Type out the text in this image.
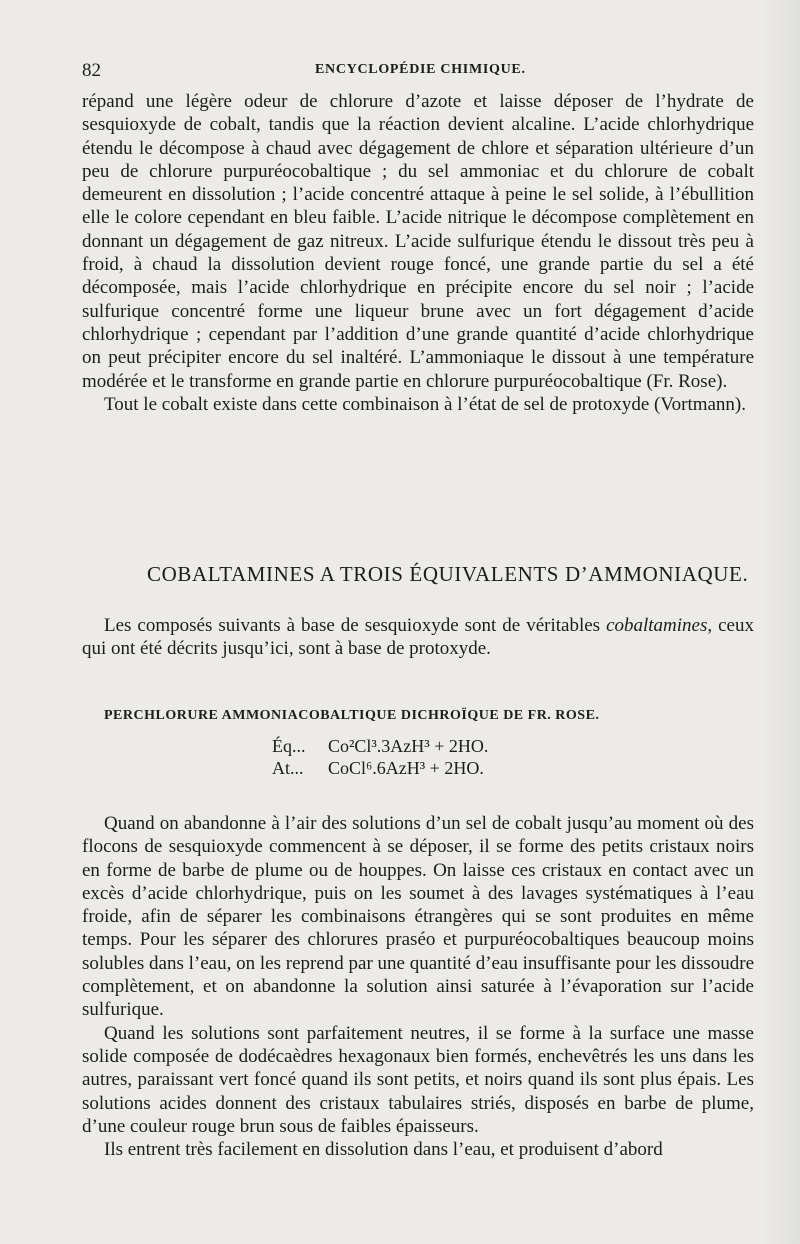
82	ENCYCLOPÉDIE CHIMIQUE.

répand une légère odeur de chlorure d’azote et laisse déposer de l’hydrate de sesquioxyde de cobalt, tandis que la réaction devient alcaline. L’acide chlorhydrique étendu le décompose à chaud avec dégagement de chlore et séparation ultérieure d’un peu de chlorure purpuréocobaltique ; du sel ammoniac et du chlorure de cobalt demeurent en dissolution ; l’acide concentré attaque à peine le sel solide, à l’ébullition elle le colore cependant en bleu faible. L’acide nitrique le décompose complètement en donnant un dégagement de gaz nitreux. L’acide sulfurique étendu le dissout très peu à froid, à chaud la dissolution devient rouge foncé, une grande partie du sel a été décomposée, mais l’acide chlorhydrique en précipite encore du sel noir ; l’acide sulfurique concentré forme une liqueur brune avec un fort dégagement d’acide chlorhydrique ; cependant par l’addition d’une grande quantité d’acide chlorhydrique on peut précipiter encore du sel inaltéré. L’ammoniaque le dissout à une température modérée et le transforme en grande partie en chlorure purpuréocobaltique (Fr. Rose).

Tout le cobalt existe dans cette combinaison à l’état de sel de protoxyde (Vortmann).

COBALTAMINES A TROIS ÉQUIVALENTS D’AMMONIAQUE.

Les composés suivants à base de sesquioxyde sont de véritables cobaltamines, ceux qui ont été décrits jusqu’ici, sont à base de protoxyde.

PERCHLORURE AMMONIACOBALTIQUE DICHROÏQUE DE FR. ROSE.
Éq... Co²Cl³.3AzH³ + 2HO.
At... CoCl⁶.6AzH³ + 2HO.

Quand on abandonne à l’air des solutions d’un sel de cobalt jusqu’au moment où des flocons de sesquioxyde commencent à se déposer, il se forme des petits cristaux noirs en forme de barbe de plume ou de houppes. On laisse ces cristaux en contact avec un excès d’acide chlorhydrique, puis on les soumet à des lavages systématiques à l’eau froide, afin de séparer les combinaisons étrangères qui se sont produites en même temps. Pour les séparer des chlorures praséo et purpuréocobaltiques beaucoup moins solubles dans l’eau, on les reprend par une quantité d’eau insuffisante pour les dissoudre complètement, et on abandonne la solution ainsi saturée à l’évaporation sur l’acide sulfurique.

Quand les solutions sont parfaitement neutres, il se forme à la surface une masse solide composée de dodécaèdres hexagonaux bien formés, enchevêtrés les uns dans les autres, paraissant vert foncé quand ils sont petits, et noirs quand ils sont plus épais. Les solutions acides donnent des cristaux tabulaires striés, disposés en barbe de plume, d’une couleur rouge brun sous de faibles épaisseurs.

Ils entrent très facilement en dissolution dans l’eau, et produisent d’abord
